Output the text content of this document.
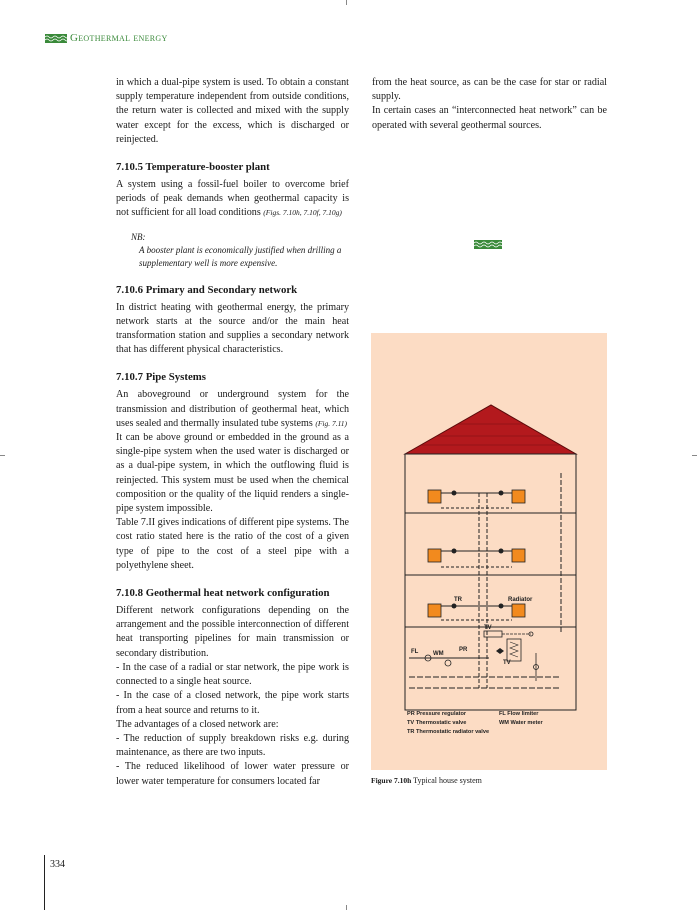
Geothermal energy

in which a dual-pipe system is used. To obtain a constant supply temperature independent from outside conditions, the return water is collected and mixed with the supply water except for the excess, which is discharged or reinjected.

7.10.5 Temperature-booster plant

A system using a fossil-fuel boiler to overcome brief periods of peak demands when geothermal capacity is not sufficient for all load conditions (Figs. 7.10h, 7.10f, 7.10g)

NB:
A booster plant is economically justified when drilling a supplementary well is more expensive.
7.10.6 Primary and Secondary network

In district heating with geothermal energy, the primary network starts at the source and/or the main heat transformation station and supplies a secondary network that has different physical characteristics.

7.10.7 Pipe Systems

An aboveground or underground system for the transmission and distribution of geothermal heat, which uses sealed and thermally insulated tube systems (Fig. 7.11)

It can be above ground or embedded in the ground as a single-pipe system when the used water is discharged or as a dual-pipe system, in which the outflowing fluid is reinjected. This system must be used when the chemical composition or the quality of the liquid renders a single-pipe system impossible.

Table 7.II gives indications of different pipe systems. The cost ratio stated here is the ratio of the cost of a given type of pipe to the cost of a steel pipe with a polyethylene sheet.

7.10.8 Geothermal heat network configuration

Different network configurations depending on the arrangement and the possible interconnection of different heat transporting pipelines for main transmission or secondary distribution.

- In the case of a radial or star network, the pipe work is connected to a single heat source.

- In the case of a closed network, the pipe work starts from a heat source and returns to it.

The advantages of a closed network are:

- The reduction of supply breakdown risks e.g. during maintenance, as there are two inputs.

- The reduced likelihood of lower water pressure or lower water temperature for consumers located far

from the heat source, as can be the case for star or radial supply.

In certain cases an “interconnected heat network” can be operated with several geothermal sources.

TR	Radiator
TV
TV
PR
FL WM
PR Pressure regulator	FL Flow limiter
TV Thermostatic valve	WM Water meter
TR Thermostatic radiator valve
Figure 7.10h Typical house system
334
